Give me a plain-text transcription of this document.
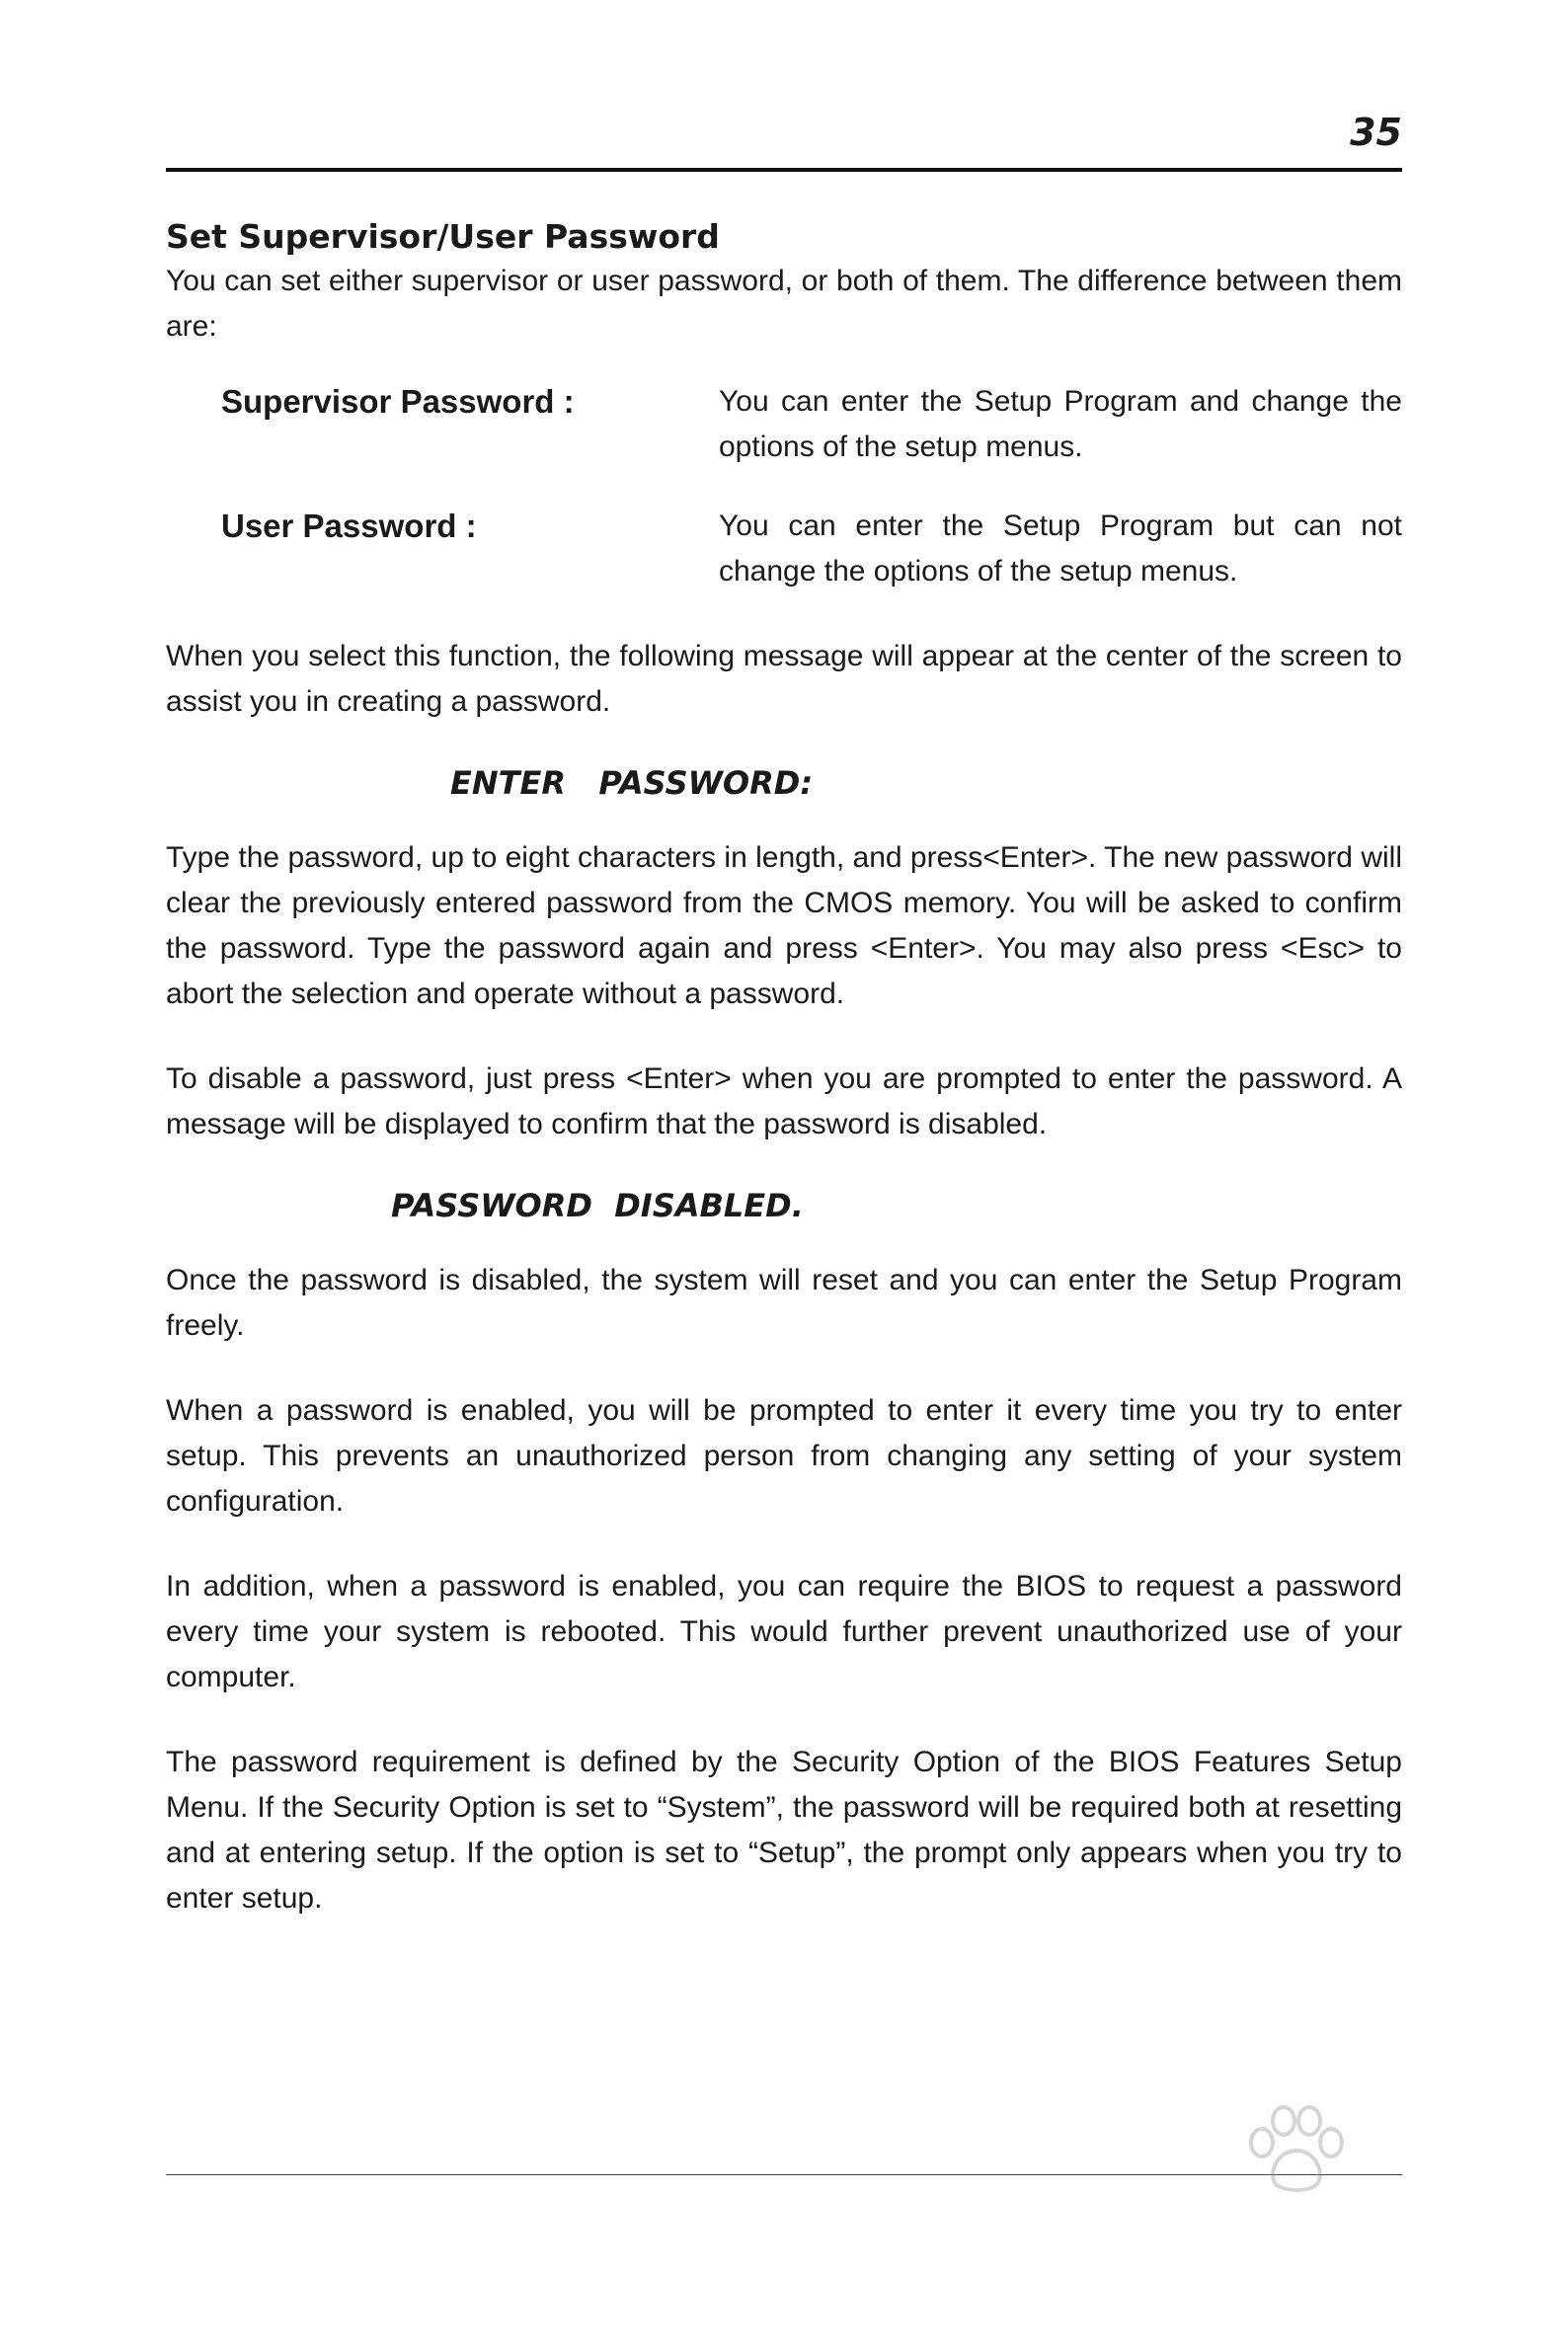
35
Set Supervisor/User Password

You can set either supervisor or user password, or both of them. The difference between them are:

Supervisor Password :	You can enter the Setup Program and change the options of the setup menus.
User Password :	You can enter the Setup Program but can not change the options of the setup menus.

When you select this function, the following message will appear at the center of the screen to assist you in creating a password.

ENTER   PASSWORD:

Type the password, up to eight characters in length, and press<Enter>. The new password will clear the previously entered password from the CMOS memory. You will be asked to confirm the password. Type the password again and press <Enter>. You may also press <Esc> to abort the selection and operate without a password.

To disable a password, just press <Enter> when you are prompted to enter the password. A message will be displayed to confirm that the password is disabled.

PASSWORD  DISABLED.

Once the password is disabled, the system will reset and you can enter the Setup Program freely.

When a password is enabled, you will be prompted to enter it every time you try to enter setup. This prevents an unauthorized person from changing any setting of your system configuration.

In addition, when a password is enabled, you can require the BIOS to request a password every time your system is rebooted. This would further prevent unauthorized use of your computer.

The password requirement is defined by the Security Option of the BIOS Features Setup Menu. If the Security Option is set to “System”, the password will be required both at resetting and at entering setup. If the option is set to “Setup”, the prompt only appears when you try to enter setup.
